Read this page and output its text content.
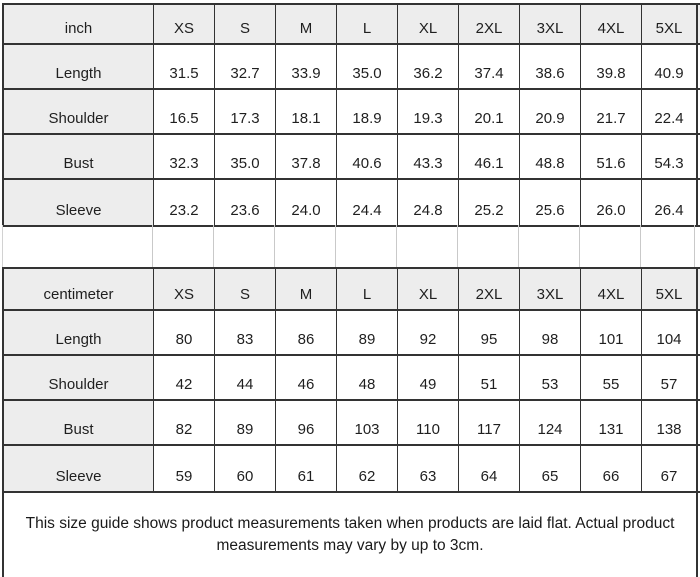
inch	XS	S	M	L	XL	2XL	3XL	4XL	5XL
Length	31.5	32.7	33.9	35.0	36.2	37.4	38.6	39.8	40.9
Shoulder	16.5	17.3	18.1	18.9	19.3	20.1	20.9	21.7	22.4
Bust	32.3	35.0	37.8	40.6	43.3	46.1	48.8	51.6	54.3
Sleeve	23.2	23.6	24.0	24.4	24.8	25.2	25.6	26.0	26.4
centimeter	XS	S	M	L	XL	2XL	3XL	4XL	5XL
Length	80	83	86	89	92	95	98	101	104
Shoulder	42	44	46	48	49	51	53	55	57
Bust	82	89	96	103	110	117	124	131	138
Sleeve	59	60	61	62	63	64	65	66	67
This size guide shows product measurements taken when products are laid flat. Actual product measurements may vary by up to 3cm.
